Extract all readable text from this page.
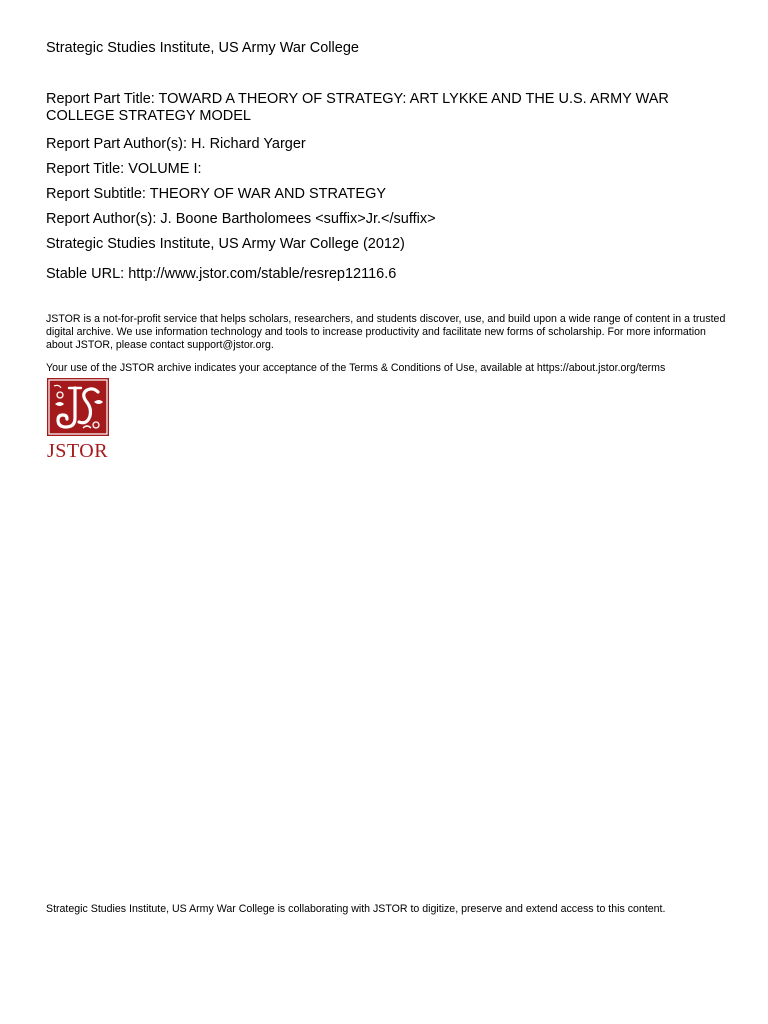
Strategic Studies Institute, US Army War College

Report Part Title: TOWARD A THEORY OF STRATEGY: ART LYKKE AND THE U.S. ARMY WAR COLLEGE STRATEGY MODEL

Report Part Author(s): H. Richard Yarger

Report Title: VOLUME I:

Report Subtitle: THEORY OF WAR AND STRATEGY

Report Author(s): J. Boone Bartholomees <suffix>Jr.</suffix>

Strategic Studies Institute, US Army War College (2012)

Stable URL: http://www.jstor.com/stable/resrep12116.6

JSTOR is a not-for-profit service that helps scholars, researchers, and students discover, use, and build upon a wide range of content in a trusted digital archive. We use information technology and tools to increase productivity and facilitate new forms of scholarship. For more information about JSTOR, please contact support@jstor.org.

Your use of the JSTOR archive indicates your acceptance of the Terms & Conditions of Use, available at https://about.jstor.org/terms

JSTOR

Strategic Studies Institute, US Army War College is collaborating with JSTOR to digitize, preserve and extend access to this content.
